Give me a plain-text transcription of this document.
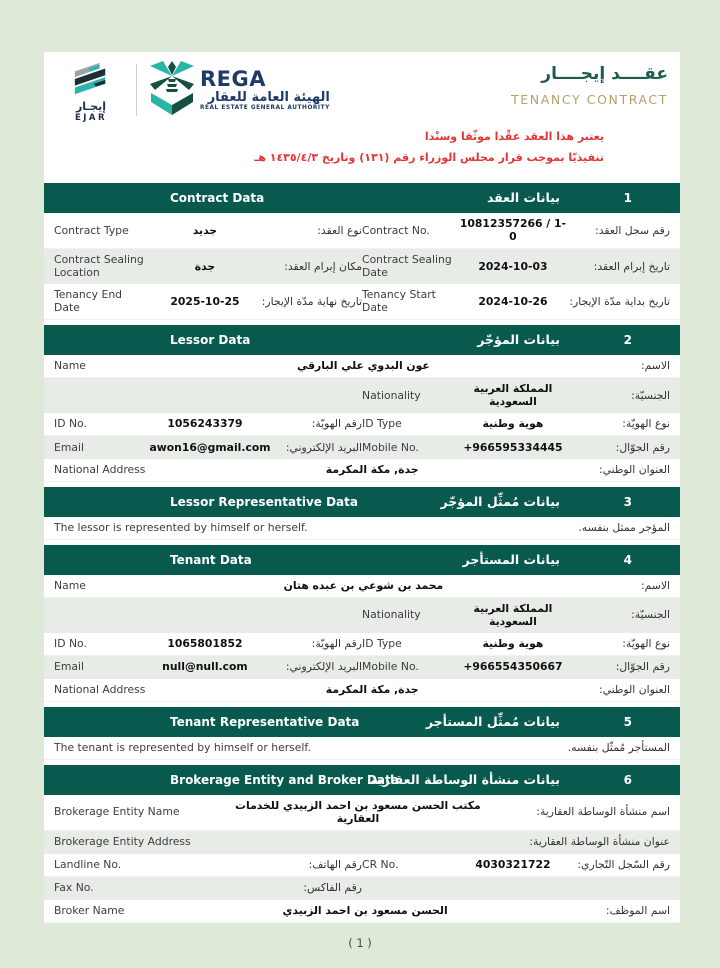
إيجـار
EJAR
REGA
الهيئة العامة للعقار
REAL ESTATE GENERAL AUTHORITY
عقــــد إيجــــار
TENANCY CONTRACT
يعتبر هذا العقد عقْدا موثّقا وسنْدا
تنفيذيّا بموجب قرار مجلس الوزراء رقم (١٣١) وتاريخ ١٤٣٥/٤/٣ هـ
1
بيانات العقد
Contract Data
رقم سجل العقد:
10812357266 / 1-0
Contract No.
نوع العقد:
جديد
Contract Type
تاريخ إبرام العقد:
2024-10-03
Contract Sealing Date
مكان إبرام العقد:
جدة
Contract Sealing Location
تاريخ بداية مدّة الإيجار:
2024-10-26
Tenancy Start Date
تاريخ نهاية مدّة الإيجار:
2025-10-25
Tenancy End Date
2
بيانات المؤجّر
Lessor Data
الاسم:
عون البدوي علي البارقي
Name
الجنسيّة:
المملكة العربية السعودية
Nationality
نوع الهويّة:
هوية وطنية
ID Type
رقم الهويّة:
1056243379
ID No.
رقم الجوّال:
+966595334445
Mobile No.
البريد الإلكتروني:
awon16@gmail.com
Email
العنوان الوطني:
جدة, مكة المكرمة
National Address
3
بيانات مُمثِّل المؤجّر
Lessor Representative Data
المؤجر ممثل بنفسه.
The lessor is represented by himself or herself.
4
بيانات المستأجر
Tenant Data
الاسم:
محمد بن شوعي بن عبده هتان
Name
الجنسيّة:
المملكة العربية السعودية
Nationality
نوع الهويّة:
هوية وطنية
ID Type
رقم الهويّة:
1065801852
ID No.
رقم الجوّال:
+966554350667
Mobile No.
البريد الإلكتروني:
null@null.com
Email
العنوان الوطني:
جدة, مكة المكرمة
National Address
5
بيانات مُمثِّل المستأجر
Tenant Representative Data
المستأجر مُمثّل بنفسه.
The tenant is represented by himself or herself.
6
بيانات منشأة الوساطة العقارية
Brokerage Entity and Broker Data
اسم منشأة الوساطة العقارية:
مكتب الحسن مسعود بن احمد الزبيدي للخدمات العقارية
Brokerage Entity Name
عنوان منشأة الوساطة العقارية:
Brokerage Entity Address
رقم السّجل التّجاري:
4030321722
CR No.
رقم الهاتف:
Landline No.
رقم الفاكس:
Fax No.
اسم الموظف:
الحسن مسعود بن احمد الزبيدي
Broker Name
( 1 )
